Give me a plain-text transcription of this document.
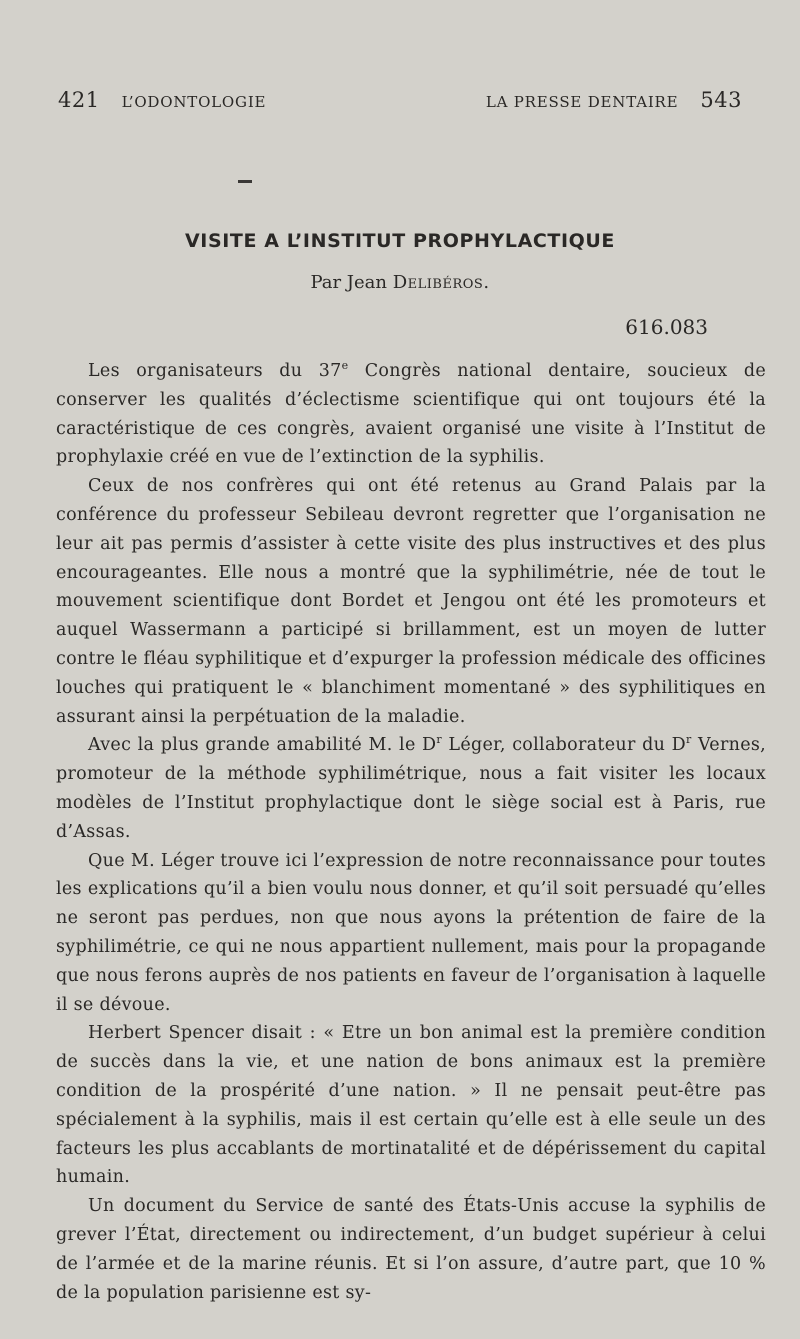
421 L’ODONTOLOGIE	LA PRESSE DENTAIRE 543
VISITE A L’INSTITUT PROPHYLACTIQUE
Par Jean Delibéros.
616.083

Les organisateurs du 37e Congrès national dentaire, soucieux de conserver les qualités d’éclectisme scientifique qui ont toujours été la caractéristique de ces congrès, avaient organisé une visite à l’Institut de prophylaxie créé en vue de l’extinction de la syphilis.

Ceux de nos confrères qui ont été retenus au Grand Palais par la conférence du professeur Sebileau devront regretter que l’organisation ne leur ait pas permis d’assister à cette visite des plus instructives et des plus encourageantes. Elle nous a montré que la syphilimétrie, née de tout le mouvement scientifique dont Bordet et Jengou ont été les promoteurs et auquel Wassermann a participé si brillamment, est un moyen de lutter contre le fléau syphilitique et d’expurger la profession médicale des officines louches qui pratiquent le « blanchiment momentané » des syphilitiques en assurant ainsi la perpétuation de la maladie.

Avec la plus grande amabilité M. le $D^r$ Léger, collaborateur du $D^r$ Vernes, promoteur de la méthode syphilimétrique, nous a fait visiter les locaux modèles de l’Institut prophylactique dont le siège social est à Paris, rue d’Assas.

Que M. Léger trouve ici l’expression de notre reconnaissance pour toutes les explications qu’il a bien voulu nous donner, et qu’il soit persuadé qu’elles ne seront pas perdues, non que nous ayons la prétention de faire de la syphilimétrie, ce qui ne nous appartient nullement, mais pour la propagande que nous ferons auprès de nos patients en faveur de l’organisation à laquelle il se dévoue.

Herbert Spencer disait : « Etre un bon animal est la première condition de succès dans la vie, et une nation de bons animaux est la première condition de la prospérité d’une nation. » Il ne pensait peut-être pas spécialement à la syphilis, mais il est certain qu’elle est à elle seule un des facteurs les plus accablants de mortinatalité et de dépérissement du capital humain.

Un document du Service de santé des États-Unis accuse la syphilis de grever l’État, directement ou indirectement, d’un budget supérieur à celui de l’armée et de la marine réunis. Et si l’on assure, d’autre part, que 10 % de la population parisienne est sy-
